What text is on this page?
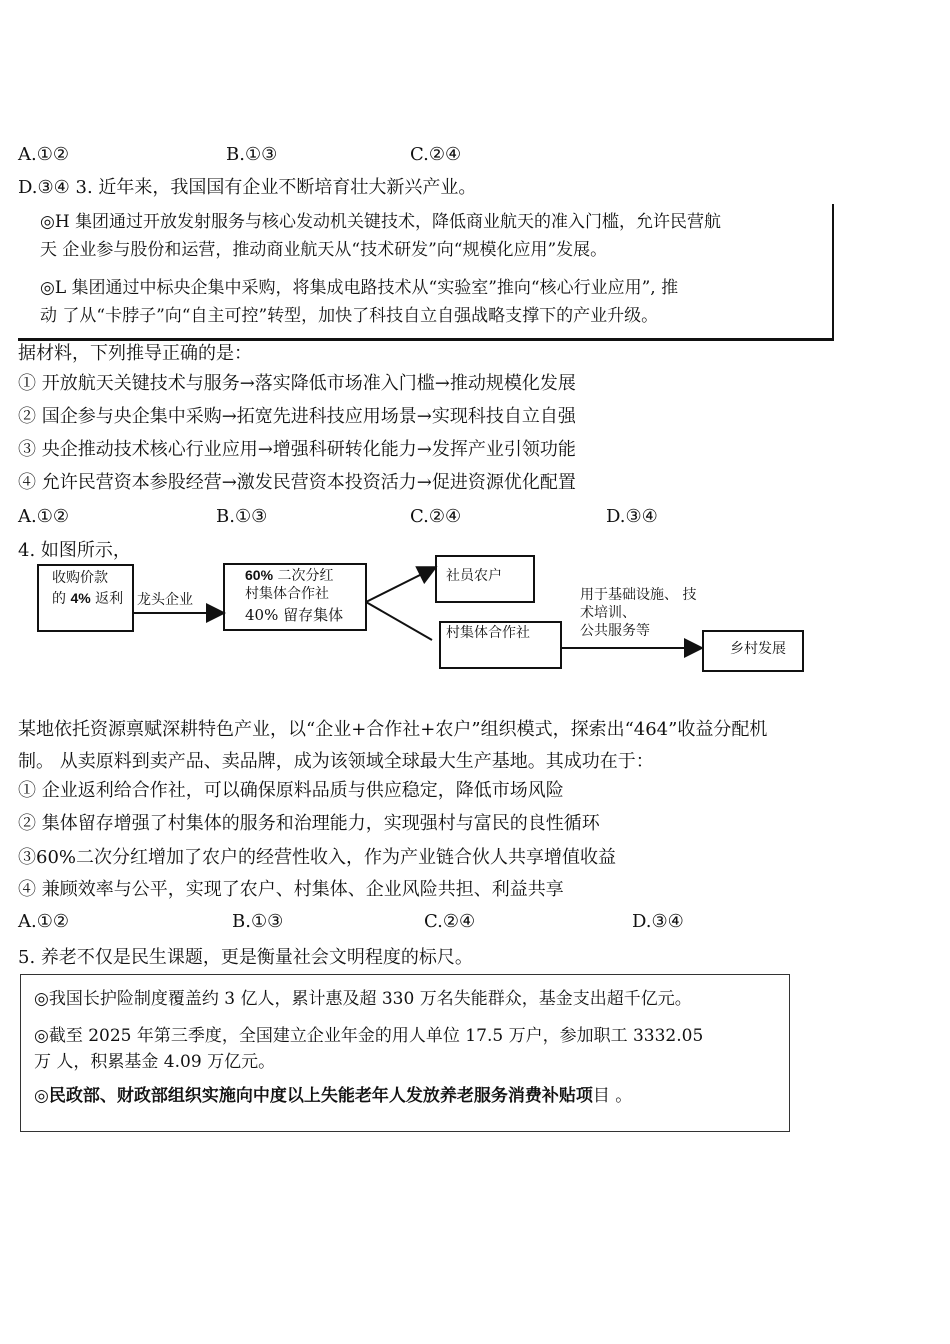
A.①②	B.①③	C.②④
D.③④ 3. 近年来，我国国有企业不断培育壮大新兴产业。
◎H 集团通过开放发射服务与核心发动机关键技术，降低商业航天的准入门槛，允许民营航
天 企业参与股份和运营，推动商业航天从“技术研发”向“规模化应用”发展。
◎L 集团通过中标央企集中采购，将集成电路技术从“实验室”推向“核心行业应用”, 推
动 了从“卡脖子”向“自主可控”转型，加快了科技自立自强战略支撑下的产业升级。
据材料，下列推导正确的是：
① 开放航天关键技术与服务→落实降低市场准入门槛→推动规模化发展
② 国企参与央企集中采购→拓宽先进科技应用场景→实现科技自立自强
③ 央企推动技术核心行业应用→增强科研转化能力→发挥产业引领功能
④ 允许民营资本参股经营→激发民营资本投资活力→促进资源优化配置
A.①②	B.①③	C.②④	D.③④
4. 如图所示，
收购价款
的 4% 返利 龙头企业
60% 二次分红
村集体合作社
40% 留存集体
社员农户
村集体合作社
用于基础设施、 技
术培训、
公共服务等
乡村发展
某地依托资源禀赋深耕特色产业，以“企业+合作社+农户”组织模式，探索出“464”收益分配机
制。 从卖原料到卖产品、卖品牌，成为该领域全球最大生产基地。其成功在于：
① 企业返利给合作社，可以确保原料品质与供应稳定，降低市场风险
② 集体留存增强了村集体的服务和治理能力，实现强村与富民的良性循环
③60%二次分红增加了农户的经营性收入，作为产业链合伙人共享增值收益
④ 兼顾效率与公平，实现了农户、村集体、企业风险共担、利益共享
A.①②	B.①③	C.②④	D.③④
5. 养老不仅是民生课题，更是衡量社会文明程度的标尺。
◎我国长护险制度覆盖约 3 亿人，累计惠及超 330 万名失能群众，基金支出超千亿元。
◎截至 2025 年第三季度，全国建立企业年金的用人单位 17.5 万户，参加职工 3332.05
万 人，积累基金 4.09 万亿元。
◎民政部、财政部组织实施向中度以上失能老年人发放养老服务消费补贴项目 。
